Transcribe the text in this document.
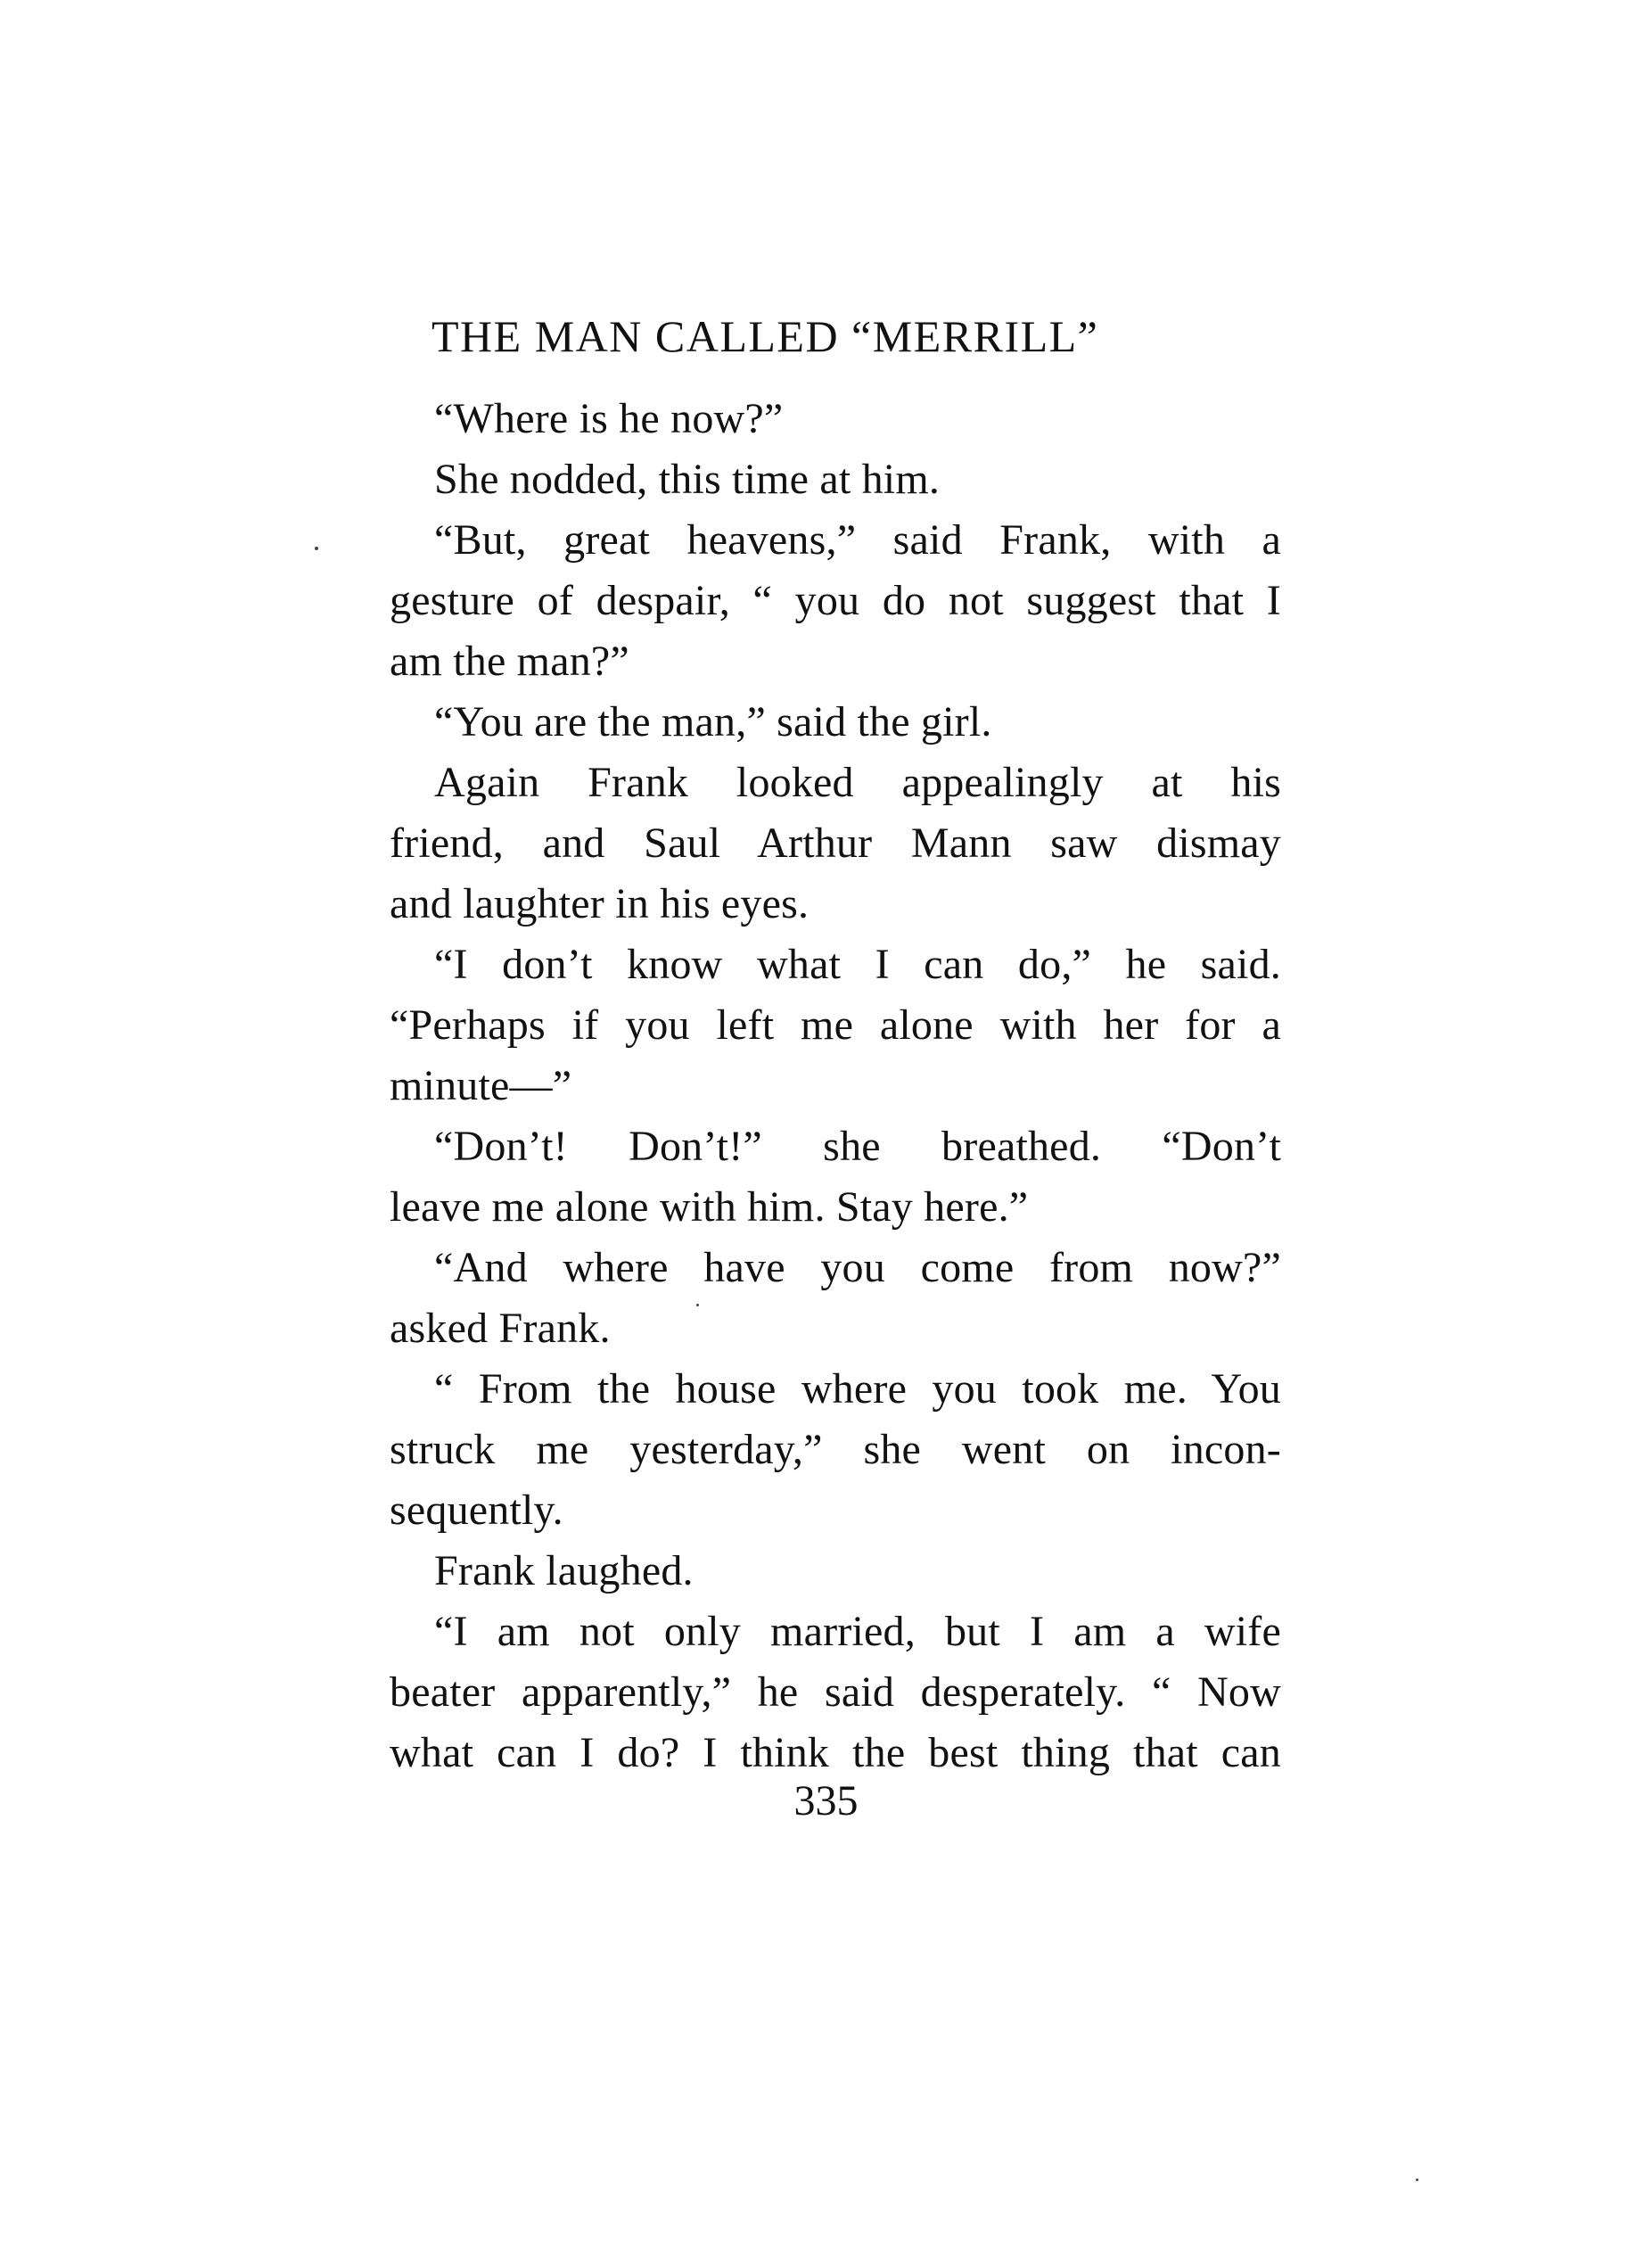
THE MAN CALLED “MERRILL”
“Where is he now?”
She nodded, this time at him.
“But, great heavens,” said Frank, with a
gesture of despair, “ you do not suggest that I
am the man?”
“You are the man,” said the girl.
Again Frank looked appealingly at his
friend, and Saul Arthur Mann saw dismay
and laughter in his eyes.
“I don’t know what I can do,” he said.
“Perhaps if you left me alone with her for a
minute—”
“Don’t! Don’t!” she breathed. “Don’t
leave me alone with him. Stay here.”
“And where have you come from now?”
asked Frank.
“ From the house where you took me. You
struck me yesterday,” she went on incon-
sequently.
Frank laughed.
“I am not only married, but I am a wife
beater apparently,” he said desperately. “ Now
what can I do? I think the best thing that can
335
